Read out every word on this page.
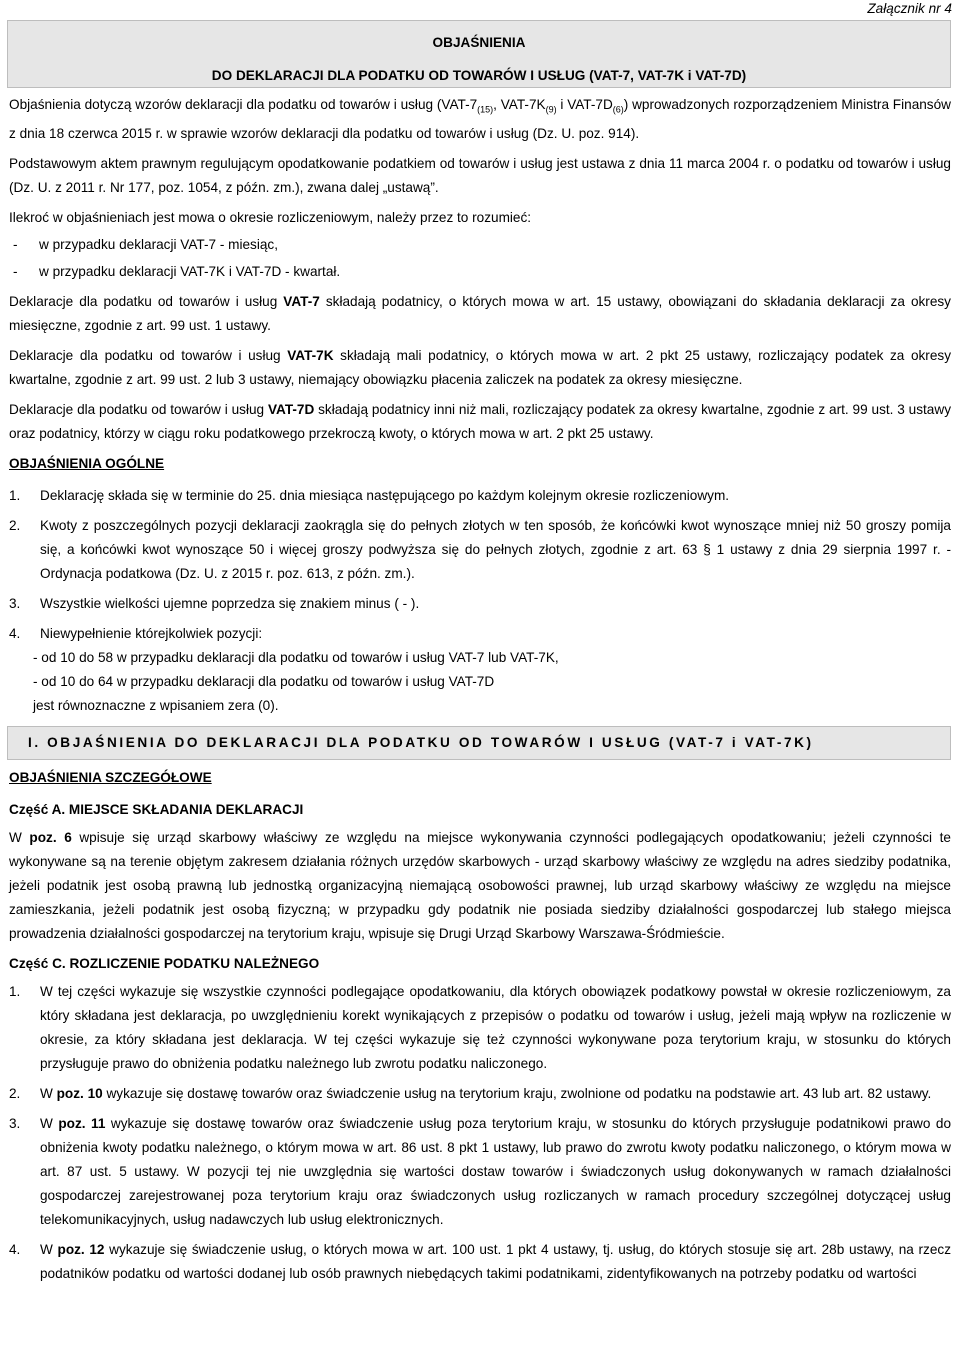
Załącznik nr 4
OBJAŚNIENIA
DO DEKLARACJI DLA PODATKU OD TOWARÓW I USŁUG (VAT-7, VAT-7K i VAT-7D)

Objaśnienia dotyczą wzorów deklaracji dla podatku od towarów i usług ($VAT-7_{(15)}$, VAT-$7K_{(9)}$ i VAT-$7D_{(6)}$) wprowadzonych rozporządzeniem Ministra Finansów z dnia 18 czerwca 2015 r. w sprawie wzorów deklaracji dla podatku od towarów i usług (Dz. U. poz. 914).

Podstawowym aktem prawnym regulującym opodatkowanie podatkiem od towarów i usług jest ustawa z dnia 11 marca 2004 r. o podatku od towarów i usług (Dz. U. z 2011 r. Nr 177, poz. 1054, z późn. zm.), zwana dalej „ustawą”.

Ilekroć w objaśnieniach jest mowa o okresie rozliczeniowym, należy przez to rozumieć:

-	w przypadku deklaracji VAT-7 - miesiąc,
-	w przypadku deklaracji VAT-7K i VAT-7D - kwartał.

Deklaracje dla podatku od towarów i usług VAT-7 składają podatnicy, o których mowa w art. 15 ustawy, obowiązani do składania deklaracji za okresy miesięczne, zgodnie z art. 99 ust. 1 ustawy.

Deklaracje dla podatku od towarów i usług VAT-7K składają mali podatnicy, o których mowa w art. 2 pkt 25 ustawy, rozliczający podatek za okresy kwartalne, zgodnie z art. 99 ust. 2 lub 3 ustawy, niemający obowiązku płacenia zaliczek na podatek za okresy miesięczne.

Deklaracje dla podatku od towarów i usług VAT-7D składają podatnicy inni niż mali, rozliczający podatek za okresy kwartalne, zgodnie z art. 99 ust. 3 ustawy oraz podatnicy, którzy w ciągu roku podatkowego przekroczą kwoty, o których mowa w art. 2 pkt 25 ustawy.

OBJAŚNIENIA OGÓLNE

1.	Deklarację składa się w terminie do 25. dnia miesiąca następującego po każdym kolejnym okresie rozliczeniowym.
2.	Kwoty z poszczególnych pozycji deklaracji zaokrągla się do pełnych złotych w ten sposób, że końcówki kwot wynoszące mniej niż 50 groszy pomija się, a końcówki kwot wynoszące 50 i więcej groszy podwyższa się do pełnych złotych, zgodnie z art. 63 § 1 ustawy z dnia 29 sierpnia 1997 r. - Ordynacja podatkowa (Dz. U. z 2015 r. poz. 613, z późn. zm.).
3.	Wszystkie wielkości ujemne poprzedza się znakiem minus ( - ).
4.	Niewypełnienie którejkolwiek pozycji:
- od 10 do 58 w przypadku deklaracji dla podatku od towarów i usług VAT-7 lub VAT-7K,
- od 10 do 64 w przypadku deklaracji dla podatku od towarów i usług VAT-7D
jest równoznaczne z wpisaniem zera (0).
I. OBJAŚNIENIA DO DEKLARACJI DLA PODATKU OD TOWARÓW I USŁUG (VAT-7 i VAT-7K)

OBJAŚNIENIA SZCZEGÓŁOWE

Część A. MIEJSCE SKŁADANIA DEKLARACJI

W poz. 6 wpisuje się urząd skarbowy właściwy ze względu na miejsce wykonywania czynności podlegających opodatkowaniu; jeżeli czynności te wykonywane są na terenie objętym zakresem działania różnych urzędów skarbowych - urząd skarbowy właściwy ze względu na adres siedziby podatnika, jeżeli podatnik jest osobą prawną lub jednostką organizacyjną niemającą osobowości prawnej, lub urząd skarbowy właściwy ze względu na miejsce zamieszkania, jeżeli podatnik jest osobą fizyczną; w przypadku gdy podatnik nie posiada siedziby działalności gospodarczej lub stałego miejsca prowadzenia działalności gospodarczej na terytorium kraju, wpisuje się Drugi Urząd Skarbowy Warszawa-Śródmieście.

Część C. ROZLICZENIE PODATKU NALEŻNEGO

1.	W tej części wykazuje się wszystkie czynności podlegające opodatkowaniu, dla których obowiązek podatkowy powstał w okresie rozliczeniowym, za który składana jest deklaracja, po uwzględnieniu korekt wynikających z przepisów o podatku od towarów i usług, jeżeli mają wpływ na rozliczenie w okresie, za który składana jest deklaracja. W tej części wykazuje się też czynności wykonywane poza terytorium kraju, w stosunku do których przysługuje prawo do obniżenia podatku należnego lub zwrotu podatku naliczonego.
2.	W poz. 10 wykazuje się dostawę towarów oraz świadczenie usług na terytorium kraju, zwolnione od podatku na podstawie art. 43 lub art. 82 ustawy.
3.	W poz. 11 wykazuje się dostawę towarów oraz świadczenie usług poza terytorium kraju, w stosunku do których przysługuje podatnikowi prawo do obniżenia kwoty podatku należnego, o którym mowa w art. 86 ust. 8 pkt 1 ustawy, lub prawo do zwrotu kwoty podatku naliczonego, o którym mowa w art. 87 ust. 5 ustawy. W pozycji tej nie uwzględnia się wartości dostaw towarów i świadczonych usług dokonywanych w ramach działalności gospodarczej zarejestrowanej poza terytorium kraju oraz świadczonych usług rozliczanych w ramach procedury szczególnej dotyczącej usług telekomunikacyjnych, usług nadawczych lub usług elektronicznych.
4.	W poz. 12 wykazuje się świadczenie usług, o których mowa w art. 100 ust. 1 pkt 4 ustawy, tj. usług, do których stosuje się art. 28b ustawy, na rzecz podatników podatku od wartości dodanej lub osób prawnych niebędących takimi podatnikami, zidentyfikowanych na potrzeby podatku od wartości
